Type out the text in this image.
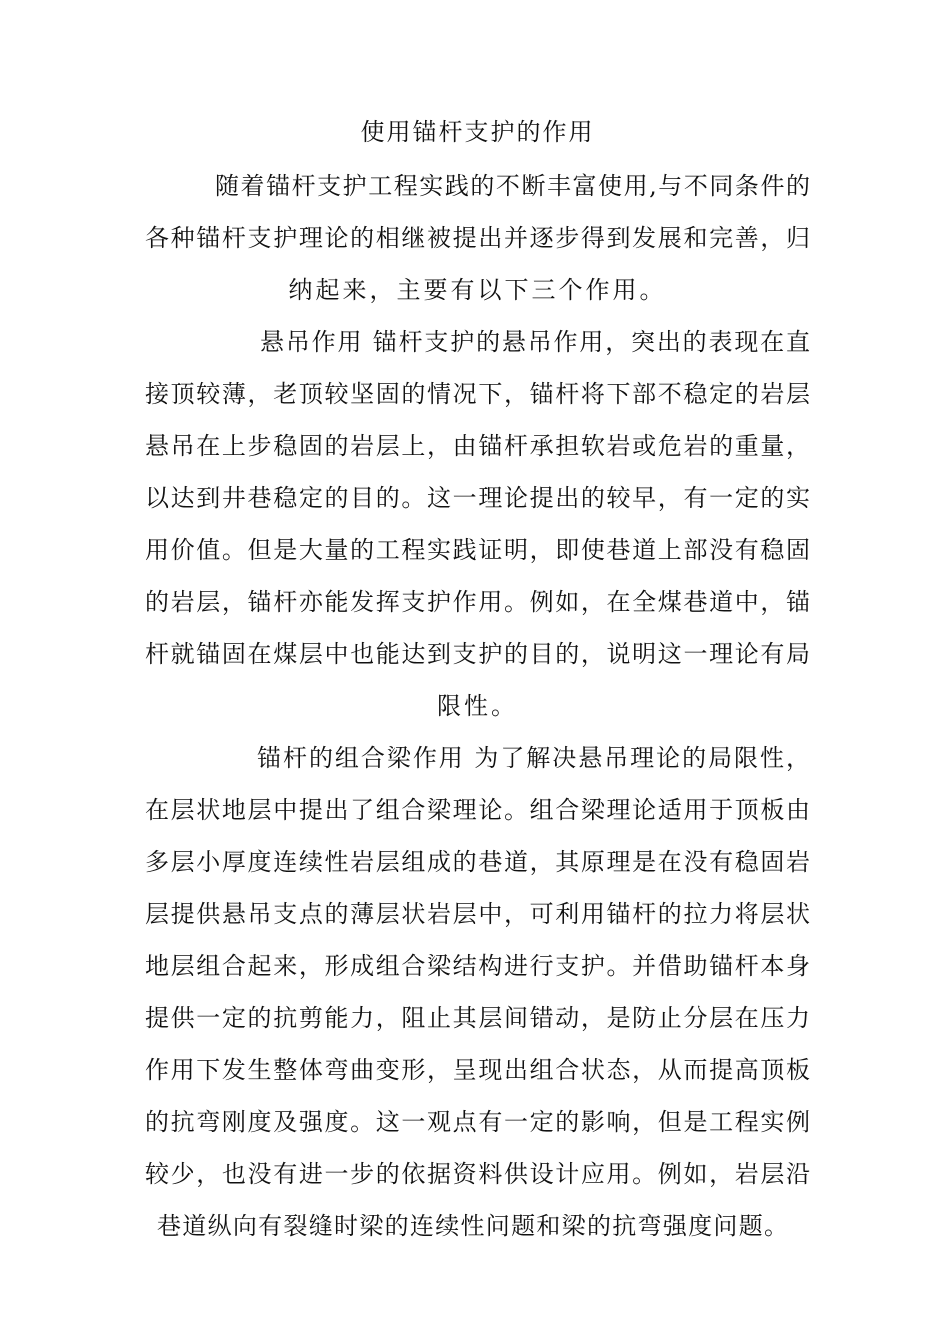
使用锚杆支护的作用
随着锚杆支护工程实践的不断丰富使用,与不同条件的
各种锚杆支护理论的相继被提出并逐步得到发展和完善，归
纳起来，主要有以下三个作用。
悬吊作用 锚杆支护的悬吊作用，突出的表现在直
接顶较薄，老顶较坚固的情况下，锚杆将下部不稳定的岩层
悬吊在上步稳固的岩层上，由锚杆承担软岩或危岩的重量，
以达到井巷稳定的目的。这一理论提出的较早，有一定的实
用价值。但是大量的工程实践证明，即使巷道上部没有稳固
的岩层，锚杆亦能发挥支护作用。例如，在全煤巷道中，锚
杆就锚固在煤层中也能达到支护的目的，说明这一理论有局
限性。
锚杆的组合梁作用 为了解决悬吊理论的局限性，
在层状地层中提出了组合梁理论。组合梁理论适用于顶板由
多层小厚度连续性岩层组成的巷道，其原理是在没有稳固岩
层提供悬吊支点的薄层状岩层中，可利用锚杆的拉力将层状
地层组合起来，形成组合梁结构进行支护。并借助锚杆本身
提供一定的抗剪能力，阻止其层间错动，是防止分层在压力
作用下发生整体弯曲变形，呈现出组合状态，从而提高顶板
的抗弯刚度及强度。这一观点有一定的影响，但是工程实例
较少，也没有进一步的依据资料供设计应用。例如，岩层沿
巷道纵向有裂缝时梁的连续性问题和梁的抗弯强度问题。
